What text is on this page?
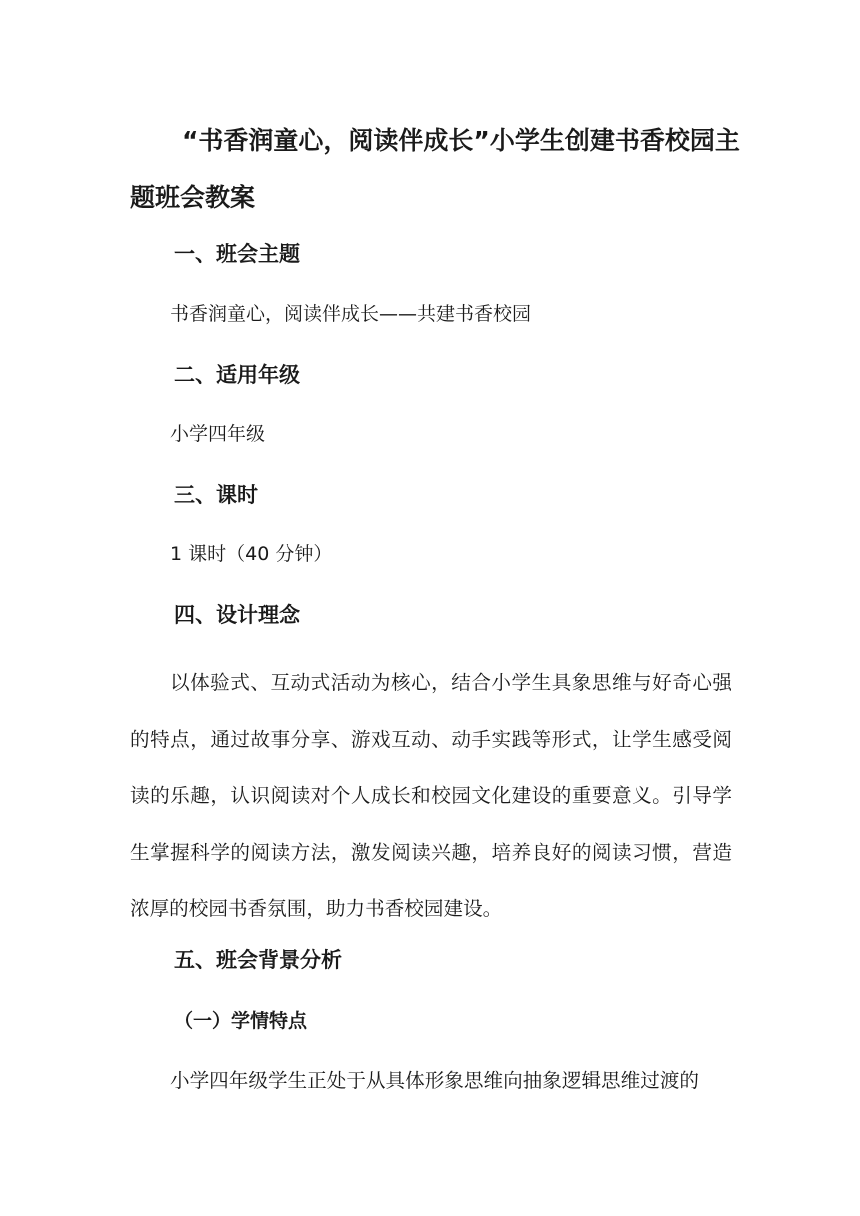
“书香润童心，阅读伴成长”小学生创建书香校园主题班会教案
一、班会主题

书香润童心，阅读伴成长——共建书香校园

二、适用年级

小学四年级

三、课时

1 课时（40 分钟）

四、设计理念

以体验式、互动式活动为核心，结合小学生具象思维与好奇心强的特点，通过故事分享、游戏互动、动手实践等形式，让学生感受阅读的乐趣，认识阅读对个人成长和校园文化建设的重要意义。引导学生掌握科学的阅读方法，激发阅读兴趣，培养良好的阅读习惯，营造浓厚的校园书香氛围，助力书香校园建设。

五、班会背景分析
（一）学情特点

小学四年级学生正处于从具体形象思维向抽象逻辑思维过渡的
